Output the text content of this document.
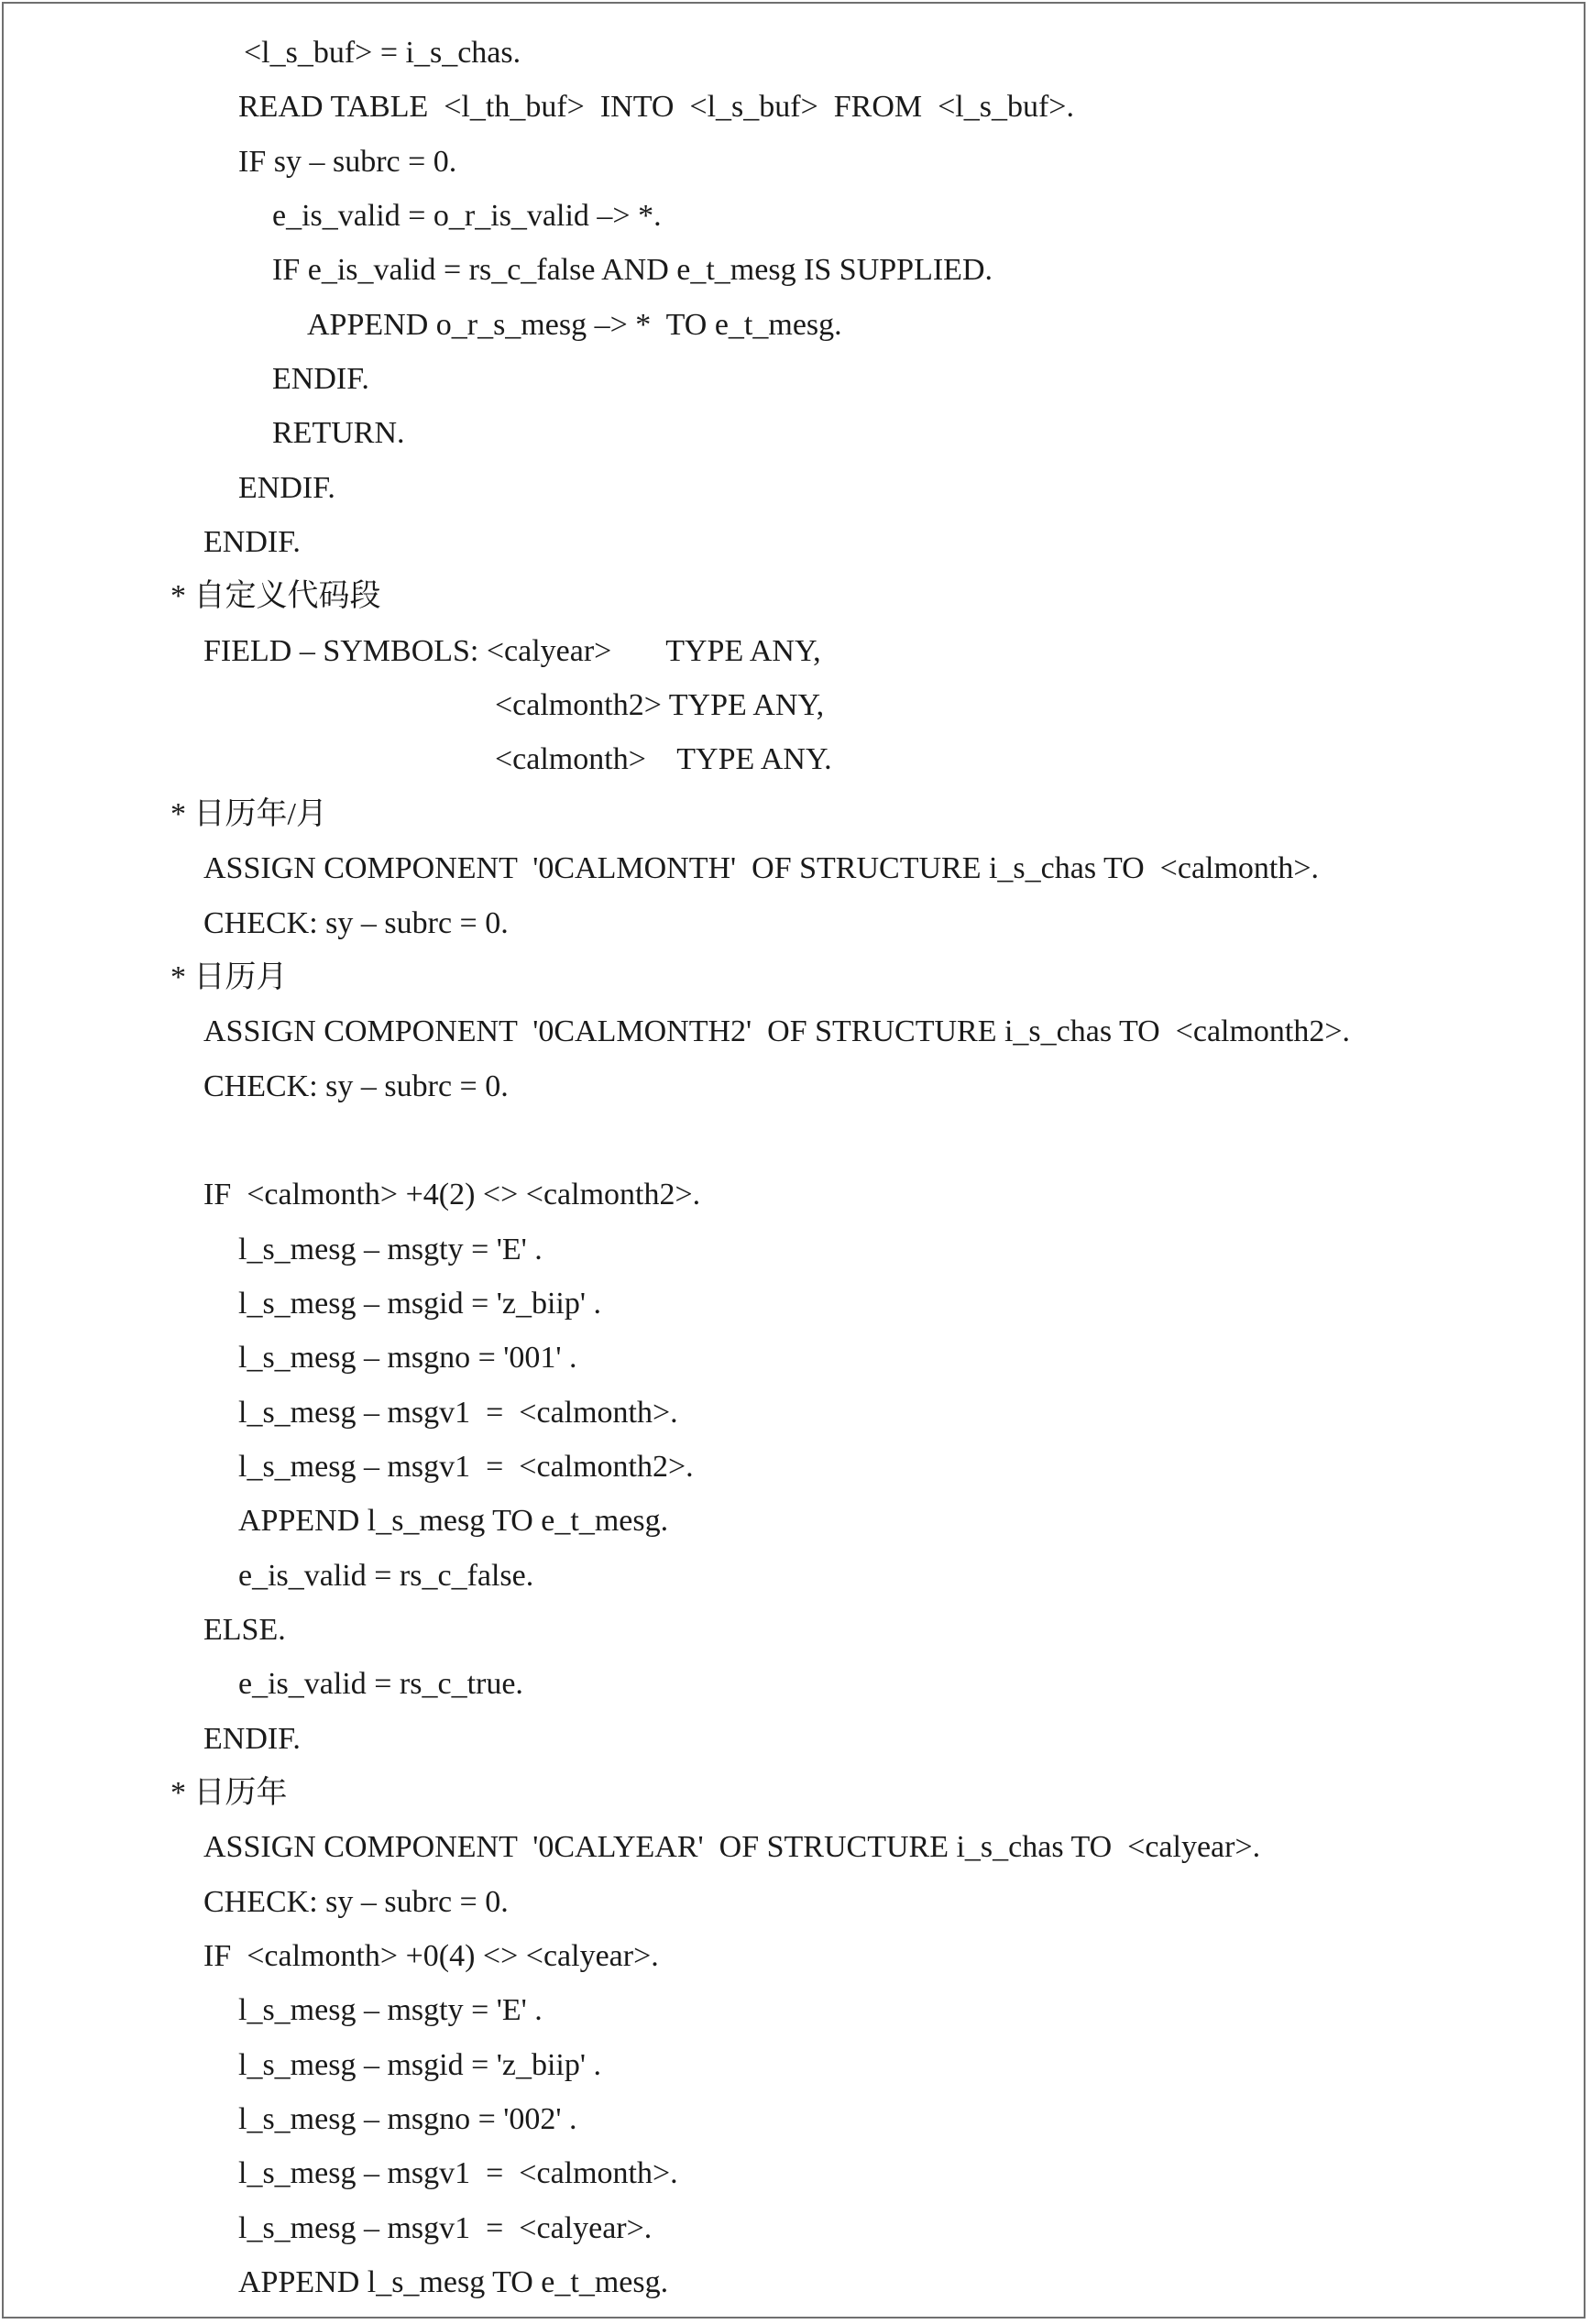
<l_s_buf> = i_s_chas.
READ TABLE  <l_th_buf>  INTO  <l_s_buf>  FROM  <l_s_buf>.
IF sy – subrc = 0.
e_is_valid = o_r_is_valid –> *.
IF e_is_valid = rs_c_false AND e_t_mesg IS SUPPLIED.
APPEND o_r_s_mesg –> *  TO e_t_mesg.
ENDIF.
RETURN.
ENDIF.
ENDIF.
* 自定义代码段
FIELD – SYMBOLS: <calyear>       TYPE ANY,
<calmonth2> TYPE ANY,
<calmonth>    TYPE ANY.
* 日历年/月
ASSIGN COMPONENT  '0CALMONTH'  OF STRUCTURE i_s_chas TO  <calmonth>.
CHECK: sy – subrc = 0.
* 日历月
ASSIGN COMPONENT  '0CALMONTH2'  OF STRUCTURE i_s_chas TO  <calmonth2>.
CHECK: sy – subrc = 0.
IF  <calmonth> +4(2) <> <calmonth2>.
l_s_mesg – msgty = 'E' .
l_s_mesg – msgid = 'z_biip' .
l_s_mesg – msgno = '001' .
l_s_mesg – msgv1  =  <calmonth>.
l_s_mesg – msgv1  =  <calmonth2>.
APPEND l_s_mesg TO e_t_mesg.
e_is_valid = rs_c_false.
ELSE.
e_is_valid = rs_c_true.
ENDIF.
* 日历年
ASSIGN COMPONENT  '0CALYEAR'  OF STRUCTURE i_s_chas TO  <calyear>.
CHECK: sy – subrc = 0.
IF  <calmonth> +0(4) <> <calyear>.
l_s_mesg – msgty = 'E' .
l_s_mesg – msgid = 'z_biip' .
l_s_mesg – msgno = '002' .
l_s_mesg – msgv1  =  <calmonth>.
l_s_mesg – msgv1  =  <calyear>.
APPEND l_s_mesg TO e_t_mesg.
